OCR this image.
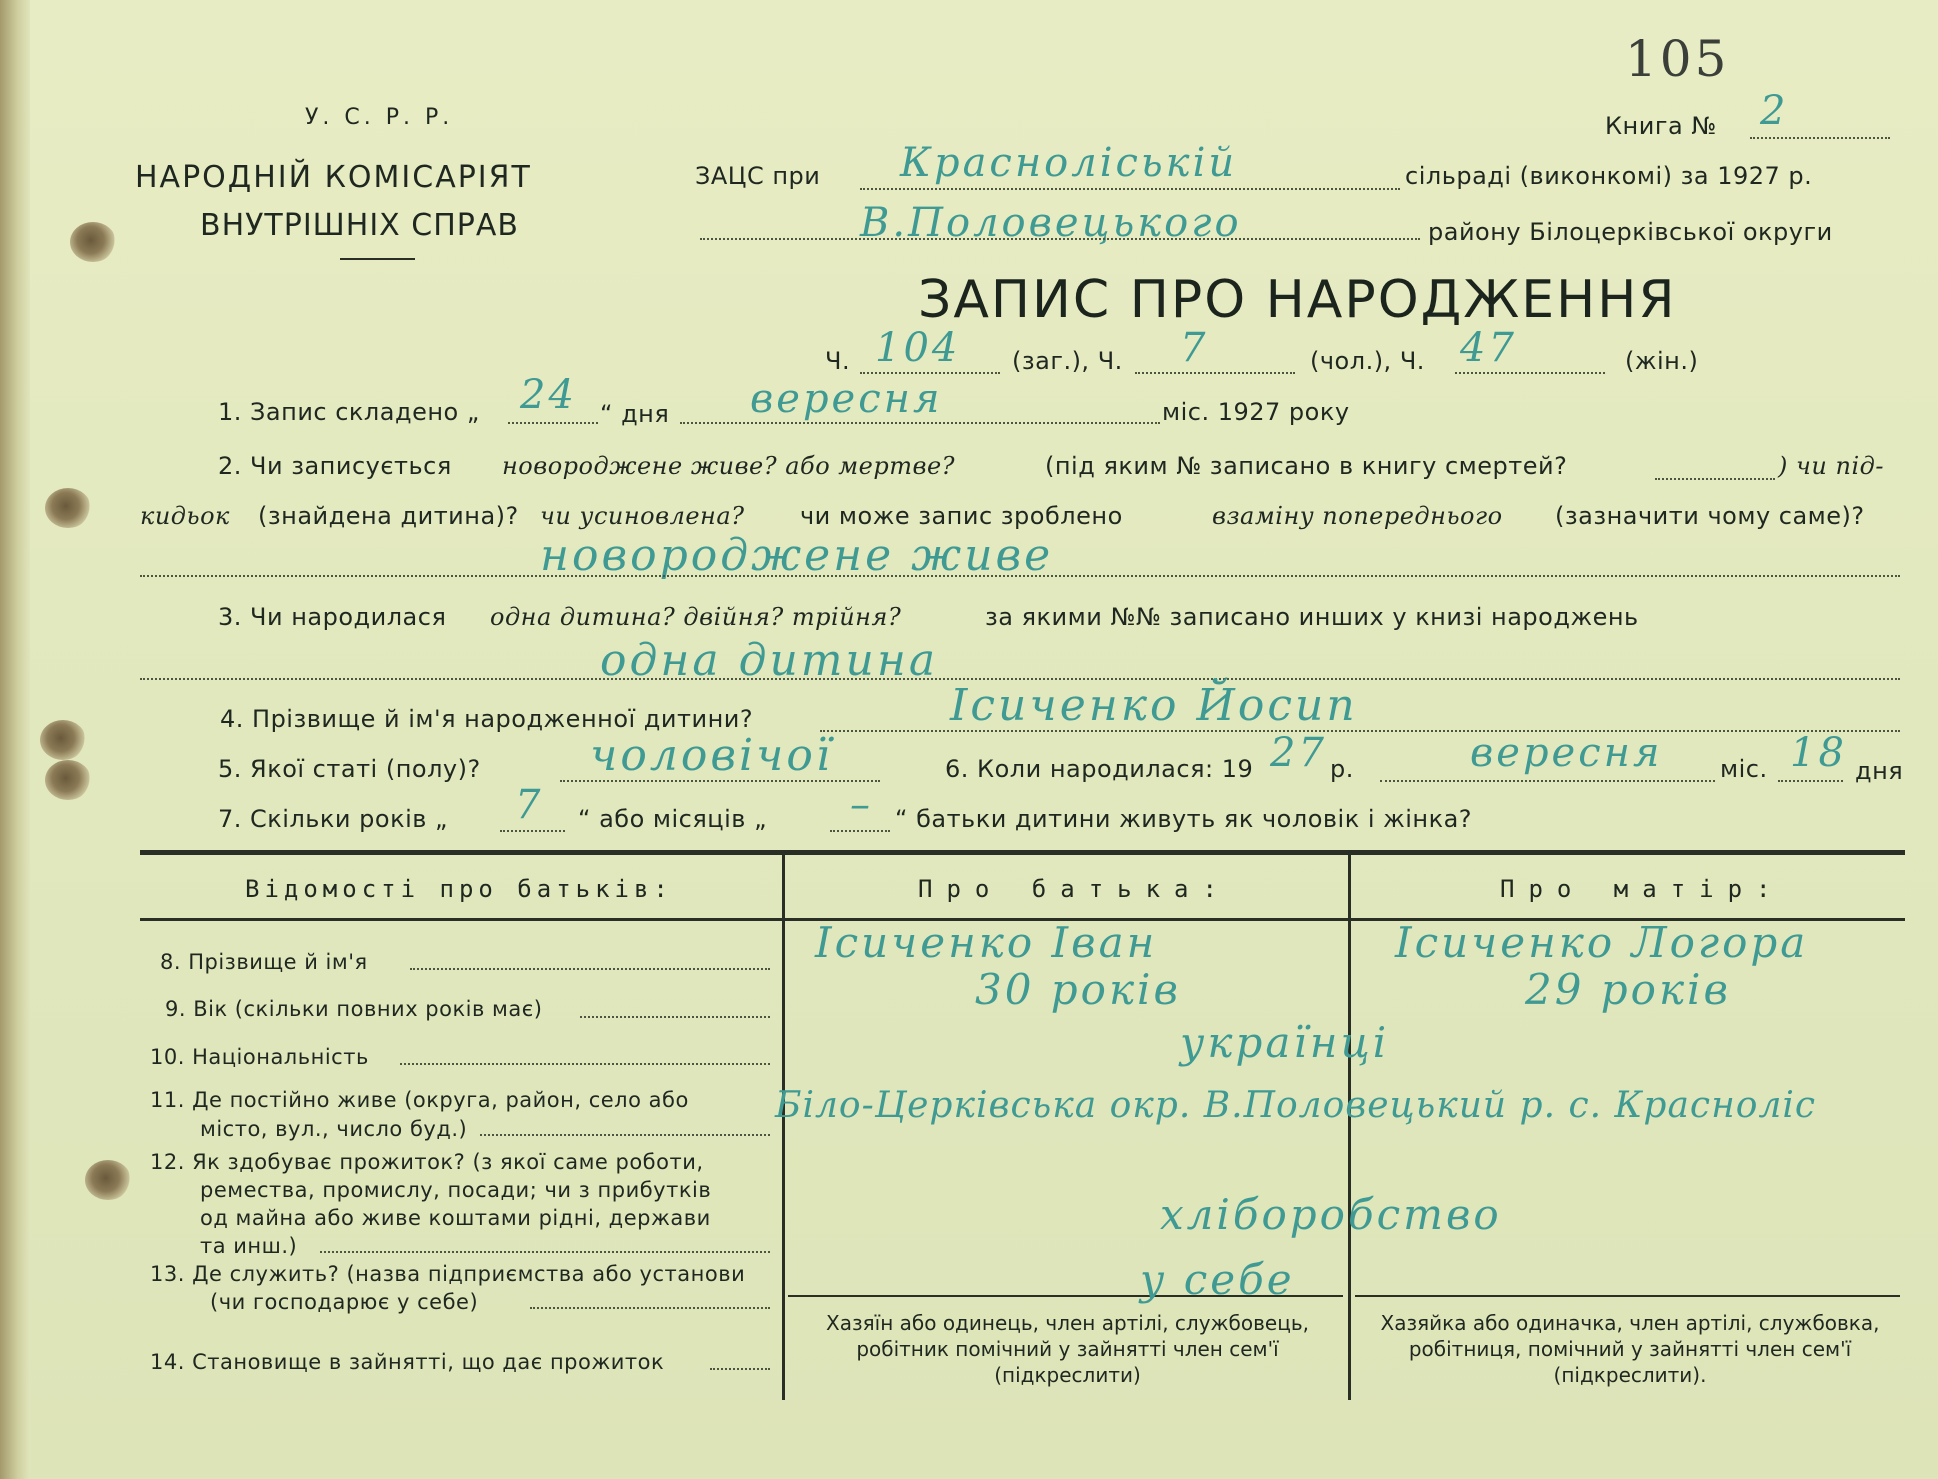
У. С. Р. Р.
НАРОДНІЙ КОМІСАРІЯТ
ВНУТРІШНІХ СПРАВ
105
Книга № 2
ЗАЦС при Красноліській	сільраді (виконкомі) за 1927 р.
В.Половецького	району Білоцерківської округи
ЗАПИС ПРО НАРОДЖЕННЯ
Ч. 104 (заг.), Ч. 7	(чол.), Ч. 47	(жін.)
1. Запис складено „ 24 “ дня вересня	міс. 1927 року
2. Чи записується новороджене живе? або мертве?	(під яким № записано в книгу смертей?	) чи під-
кидьок (знайдена дитина)? чи усиновлена? чи може запис зроблено	взаміну попереднього (зазначити чому саме)?
новороджене живе
3. Чи народилася одна дитина? двійня? трійня?	за якими №№ записано инших у книзі народжень
одна дитина
4. Прізвище й ім'я народженної дитини?	Ісиченко Йосип
5. Якої статі (полу)? чоловічої	6. Коли народилася: 19 27 р.	вересня міс. 18 дня
7. Скільки років „ 7 “ або місяців „ – “ батьки дитини живуть як чоловік і жінка?
Відомості про батьків:	Про батька:	Про матір:
8. Прізвище й ім'я	Ісиченко Іван	Ісиченко Логора
9. Вік (скільки повних років має)	30 років	29 років
10. Національність	українці
11. Де постійно живе (округа, район, село або
місто, вул., число буд.)
Біло-Церківська окр. В.Половецький р. с. Красноліс
12. Як здобуває прожиток? (з якої саме роботи,
ремества, промислу, посади; чи з прибутків
од майна або живе коштами рідні, держави
та инш.)
хліборобство
13. Де служить? (назва підприємства або установи
(чи господарює у себе)	у себе
14. Становище в зайнятті, що дає прожиток
Хазяїн або одинець, член артілі, службовець, робітник помічний у зайнятті член сем'ї (підкреслити)
Хазяйка або одиначка, член артілі, службовка, робітниця, помічний у зайнятті член сем'ї (підкреслити).
